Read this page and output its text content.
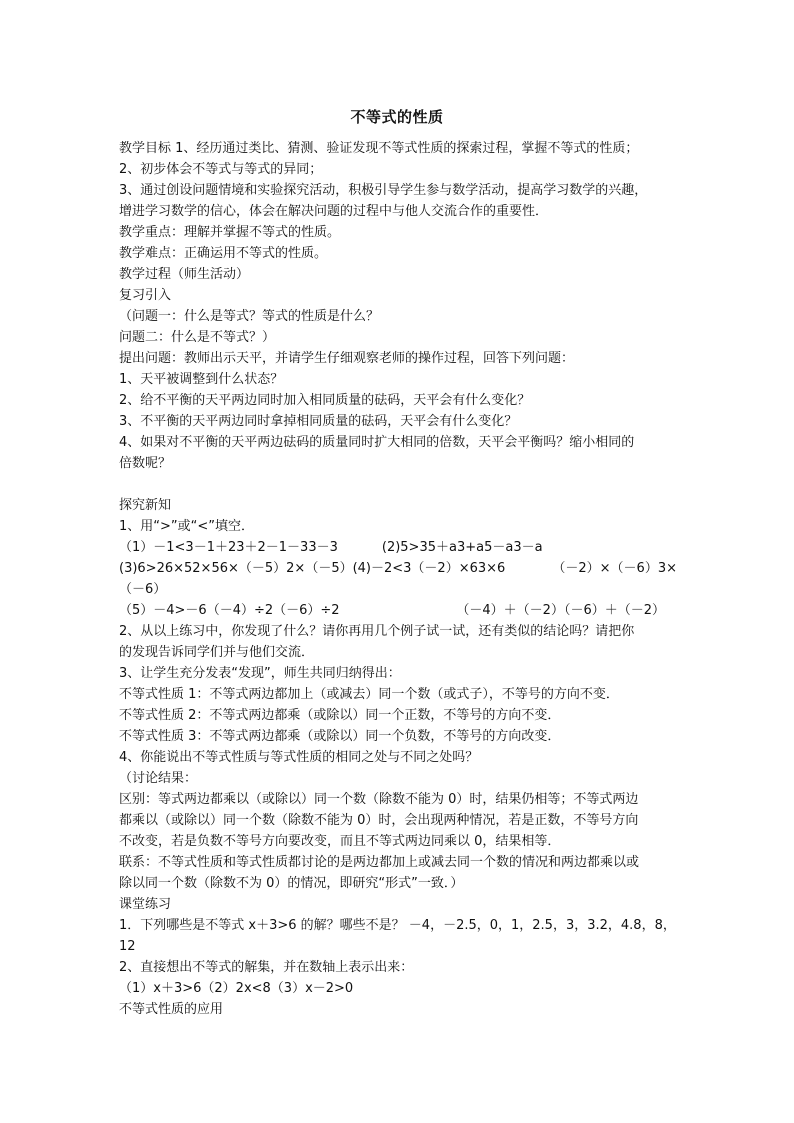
不等式的性质
教学目标 1、经历通过类比、猜测、验证发现不等式性质的探索过程，掌握不等式的性质；
2、初步体会不等式与等式的异同；
3、通过创设问题情境和实验探究活动，积极引导学生参与数学活动，提高学习数学的兴趣，
增进学习数学的信心，体会在解决问题的过程中与他人交流合作的重要性．
教学重点：理解并掌握不等式的性质。
教学难点：正确运用不等式的性质。
教学过程（师生活动）
复习引入
（问题一：什么是等式？等式的性质是什么？
问题二：什么是不等式？）
提出问题：教师出示天平，并请学生仔细观察老师的操作过程，回答下列问题：
1、天平被调整到什么状态？
2、给不平衡的天平两边同时加入相同质量的砝码，天平会有什么变化？
3、不平衡的天平两边同时拿掉相同质量的砝码，天平会有什么变化？
4、如果对不平衡的天平两边砝码的质量同时扩大相同的倍数，天平会平衡吗？缩小相同的
倍数呢？
探究新知
1、用“>”或“<”填空．
（1）－1<3－1＋23＋2－1－33－3	(2)5>35＋a3+a5－a3－a
(3)6>26×52×56×（－5）2×（－5）(4)－2<3（－2）×63×6	（－2）×（－6）3×
（－6）
（5）－4>－6（－4）÷2（－6）÷2	（－4）＋（－2）（－6）＋（－2）
2、从以上练习中，你发现了什么？请你再用几个例子试一试，还有类似的结论吗？请把你
的发现告诉同学们并与他们交流．
3、让学生充分发表“发现”，师生共同归纳得出：
不等式性质 1：不等式两边都加上（或减去）同一个数（或式子），不等号的方向不变．
不等式性质 2：不等式两边都乘（或除以）同一个正数，不等号的方向不变．
不等式性质 3：不等式两边都乘（或除以）同一个负数，不等号的方向改变．
4、你能说出不等式性质与等式性质的相同之处与不同之处吗？
（讨论结果：
区别：等式两边都乘以（或除以）同一个数（除数不能为 0）时，结果仍相等；不等式两边
都乘以（或除以）同一个数（除数不能为 0）时，会出现两种情况，若是正数，不等号方向
不改变，若是负数不等号方向要改变，而且不等式两边同乘以 0，结果相等．
联系：不等式性质和等式性质都讨论的是两边都加上或减去同一个数的情况和两边都乘以或
除以同一个数（除数不为 0）的情况，即研究“形式”一致．）
课堂练习
1．下列哪些是不等式 x＋3>6 的解？哪些不是？ －4，－2.5，0，1，2.5，3，3.2，4.8，8，
12
2、直接想出不等式的解集，并在数轴上表示出来：
（1）x＋3>6（2）2x<8（3）x－2>0
不等式性质的应用
